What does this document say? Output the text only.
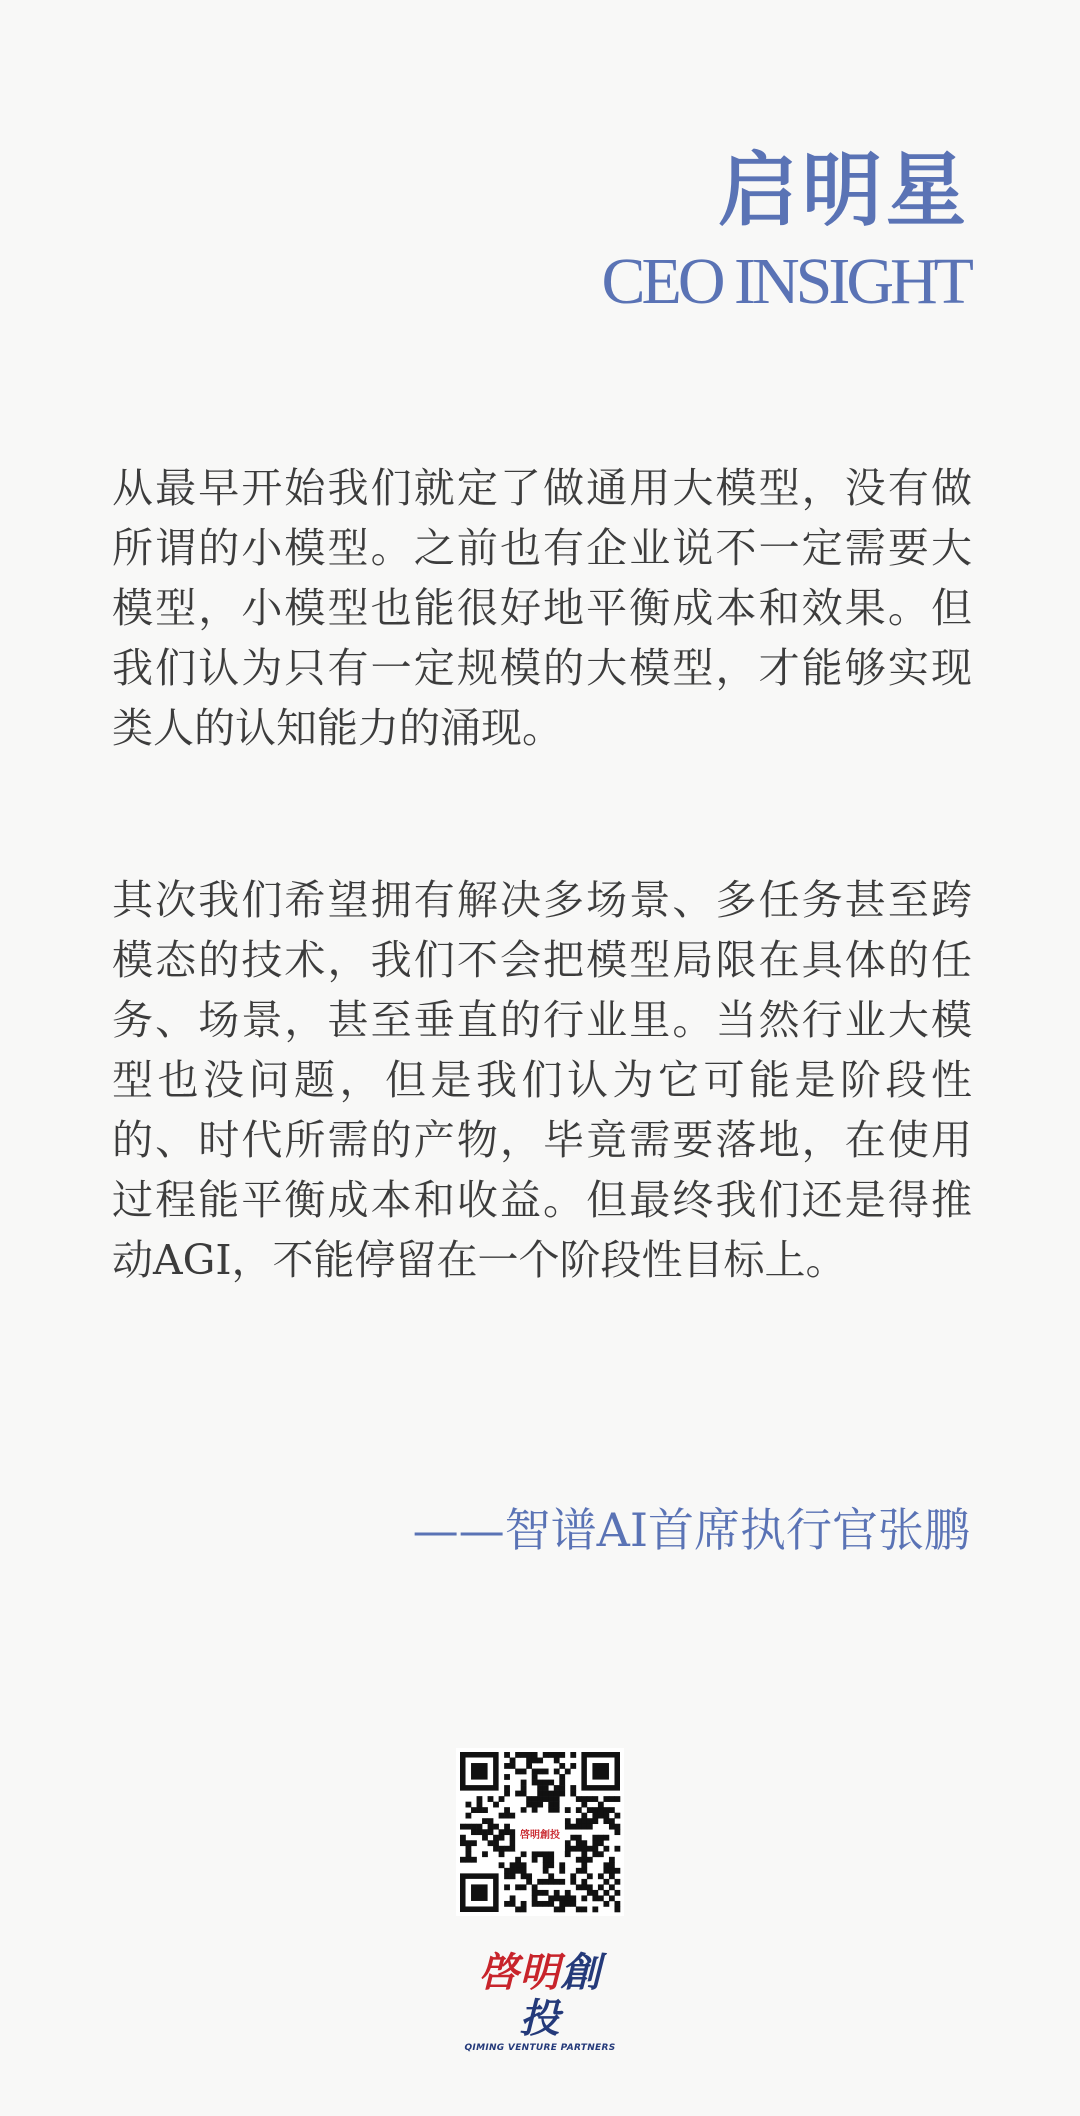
启明星
CEO INSIGHT

从最早开始我们就定了做通用大模型，没有做所谓的小模型。之前也有企业说不一定需要大模型，小模型也能很好地平衡成本和效果。但我们认为只有一定规模的大模型，才能够实现类人的认知能力的涌现。

其次我们希望拥有解决多场景、多任务甚至跨模态的技术，我们不会把模型局限在具体的任务、场景，甚至垂直的行业里。当然行业大模型也没问题，但是我们认为它可能是阶段性的、时代所需的产物，毕竟需要落地，在使用过程能平衡成本和收益。但最终我们还是得推动AGI，不能停留在一个阶段性目标上。

——智谱AI首席执行官张鹏
啓明創投
啓明創投
QIMING VENTURE PARTNERS
